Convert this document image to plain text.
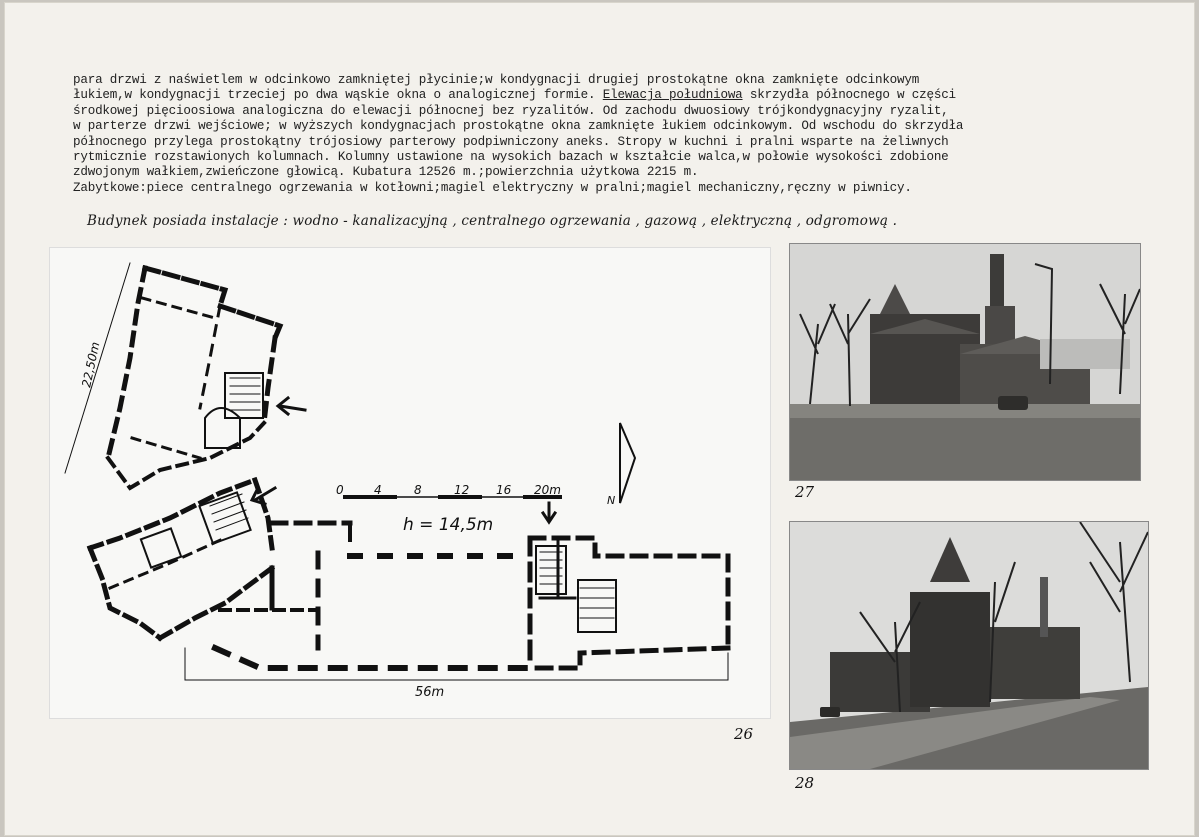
para drzwi z naświetlem w odcinkowo zamkniętej płycinie;w kondygnacji drugiej prostokątne okna zamknięte odcinkowym
łukiem,w kondygnacji trzeciej po dwa wąskie okna o analogicznej formie. Elewacja południowa skrzydła północnego w części
środkowej pięcioosiowa analogiczna do elewacji północnej bez ryzalitów. Od zachodu dwuosiowy trójkondygnacyjny ryzalit,
w parterze drzwi wejściowe; w wyższych kondygnacjach prostokątne okna zamknięte łukiem odcinkowym. Od wschodu do skrzydła
północnego przylega prostokątny trójosiowy parterowy podpiwniczony aneks. Stropy w kuchni i pralni wsparte na żeliwnych
rytmicznie rozstawionych kolumnach. Kolumny ustawione na wysokich bazach w kształcie walca,w połowie wysokości zdobione
zdwojonym wałkiem,zwieńczone głowicą. Kubatura 12526 m.;powierzchnia użytkowa 2215 m.
Zabytkowe:piece centralnego ogrzewania w kotłowni;magiel elektryczny w pralni;magiel mechaniczny,ręczny w piwnicy.
Budynek posiada instalacje : wodno - kanalizacyjną , centralnego ogrzewania , gazową , elektryczną , odgromową .
0	4	8	12 16 20m
h = 14,5m
56m
N
22,50m
26
27
28
